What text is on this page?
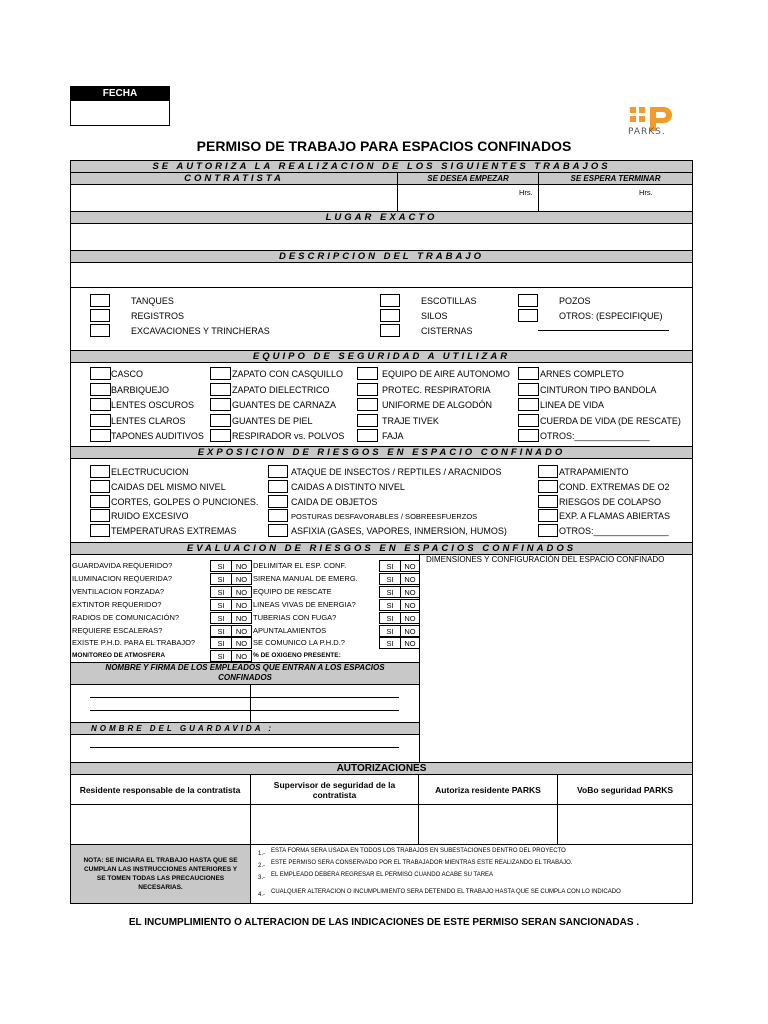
FECHA
PARKS.
PERMISO DE TRABAJO PARA ESPACIOS CONFINADOS
SE AUTORIZA LA REALIZACION DE LOS SIGUIENTES TRABAJOS
CONTRATISTA	SE DESEA EMPEZAR	SE ESPERA TERMINAR
Hrs.	Hrs.
LUGAR EXACTO
DESCRIPCION DEL TRABAJO
TANQUES
REGISTROS
EXCAVACIONES Y TRINCHERAS
ESCOTILLAS
SILOS
CISTERNAS
POZOS
OTROS: (ESPECIFIQUE)
EQUIPO DE SEGURIDAD A UTILIZAR
CASCO
BARBIQUEJO
LENTES OSCUROS
LENTES CLAROS
TAPONES AUDITIVOS
ZAPATO CON CASQUILLO
ZAPATO DIELECTRICO
GUANTES DE CARNAZA
GUANTES DE PIEL
RESPIRADOR vs. POLVOS
EQUIPO DE AIRE AUTONOMO
PROTEC. RESPIRATORIA
UNIFORME DE ALGODÓN
TRAJE TIVEK
FAJA
ARNES COMPLETO
CINTURON TIPO BANDOLA
LINEA DE VIDA
CUERDA DE VIDA (DE RESCATE)
OTROS:_______________
EXPOSICION DE RIESGOS EN ESPACIO CONFINADO
ELECTRUCUCION
CAIDAS DEL MISMO NIVEL
CORTES, GOLPES O PUNCIONES.
RUIDO EXCESIVO
TEMPERATURAS EXTREMAS
ATAQUE DE INSECTOS / REPTILES / ARACNIDOS
CAIDAS A DISTINTO NIVEL
CAIDA DE OBJETOS
POSTURAS DESFAVORABLES / SOBREESFUERZOS
ASFIXIA (GASES, VAPORES, INMERSION, HUMOS)
ATRAPAMIENTO
COND. EXTREMAS DE O2
RIESGOS DE COLAPSO
EXP. A FLAMAS ABIERTAS
OTROS:_______________
EVALUACION DE RIESGOS EN ESPACIOS CONFINADOS
DIMENSIONES Y CONFIGURACIÓN DEL ESPACIO CONFINADO
GUARDAVIDA REQUERIDO?	SI	NO
ILUMINACION REQUERIDA?	SI	NO
VENTILACION FORZADA?	SI	NO
EXTINTOR REQUERIDO?	SI	NO
RADIOS DE COMUNICACIÓN?	SI	NO
REQUIERE ESCALERAS?	SI	NO
EXISTE P.H.D. PARA EL TRABAJO?	SI	NO
MONITOREO DE ATMOSFERA	SI	NO
DELIMITAR EL ESP. CONF.	SI	NO
SIRENA MANUAL DE EMERG.	SI	NO
EQUIPO DE RESCATE	SI	NO
LINEAS VIVAS DE ENERGIA?	SI	NO
TUBERIAS CON FUGA?	SI	NO
APUNTALAMIENTOS	SI	NO
SE COMUNICO LA P.H.D.?	SI	NO
% DE OXIGENO PRESENTE:
NOMBRE Y FIRMA DE LOS EMPLEADOS QUE ENTRAN A LOS ESPACIOS CONFINADOS
NOMBRE DEL GUARDAVIDA :
AUTORIZACIONES
Residente responsable de la contratista	Supervisor de seguridad de la contratista	Autoriza residente PARKS	VoBo seguridad PARKS
NOTA: SE INICIARA EL TRABAJO HASTA QUE SE CUMPLAN LAS INSTRUCCIONES ANTERIORES Y SE TOMEN TODAS LAS PRECAUCIONES NECESARIAS.
1.- ESTA FORMA SERA USADA EN TODOS LOS TRABAJOS EN SUBESTACIONES DENTRO DEL PROYECTO
2.- ESTE PERMISO SERA CONSERVADO POR EL TRABAJADOR MIENTRAS ESTE REALIZANDO EL TRABAJO.
3.- EL EMPLEADO DEBERA REGRESAR EL PERMISO CUANDO ACABE SU TAREA
4.- CUALQUIER ALTERACION O INCUMPLIMIENTO SERA DETENIDO EL TRABAJO HASTA QUE SE CUMPLA CON LO INDICADO
EL INCUMPLIMIENTO O ALTERACION DE LAS INDICACIONES DE ESTE PERMISO SERAN SANCIONADAS .
